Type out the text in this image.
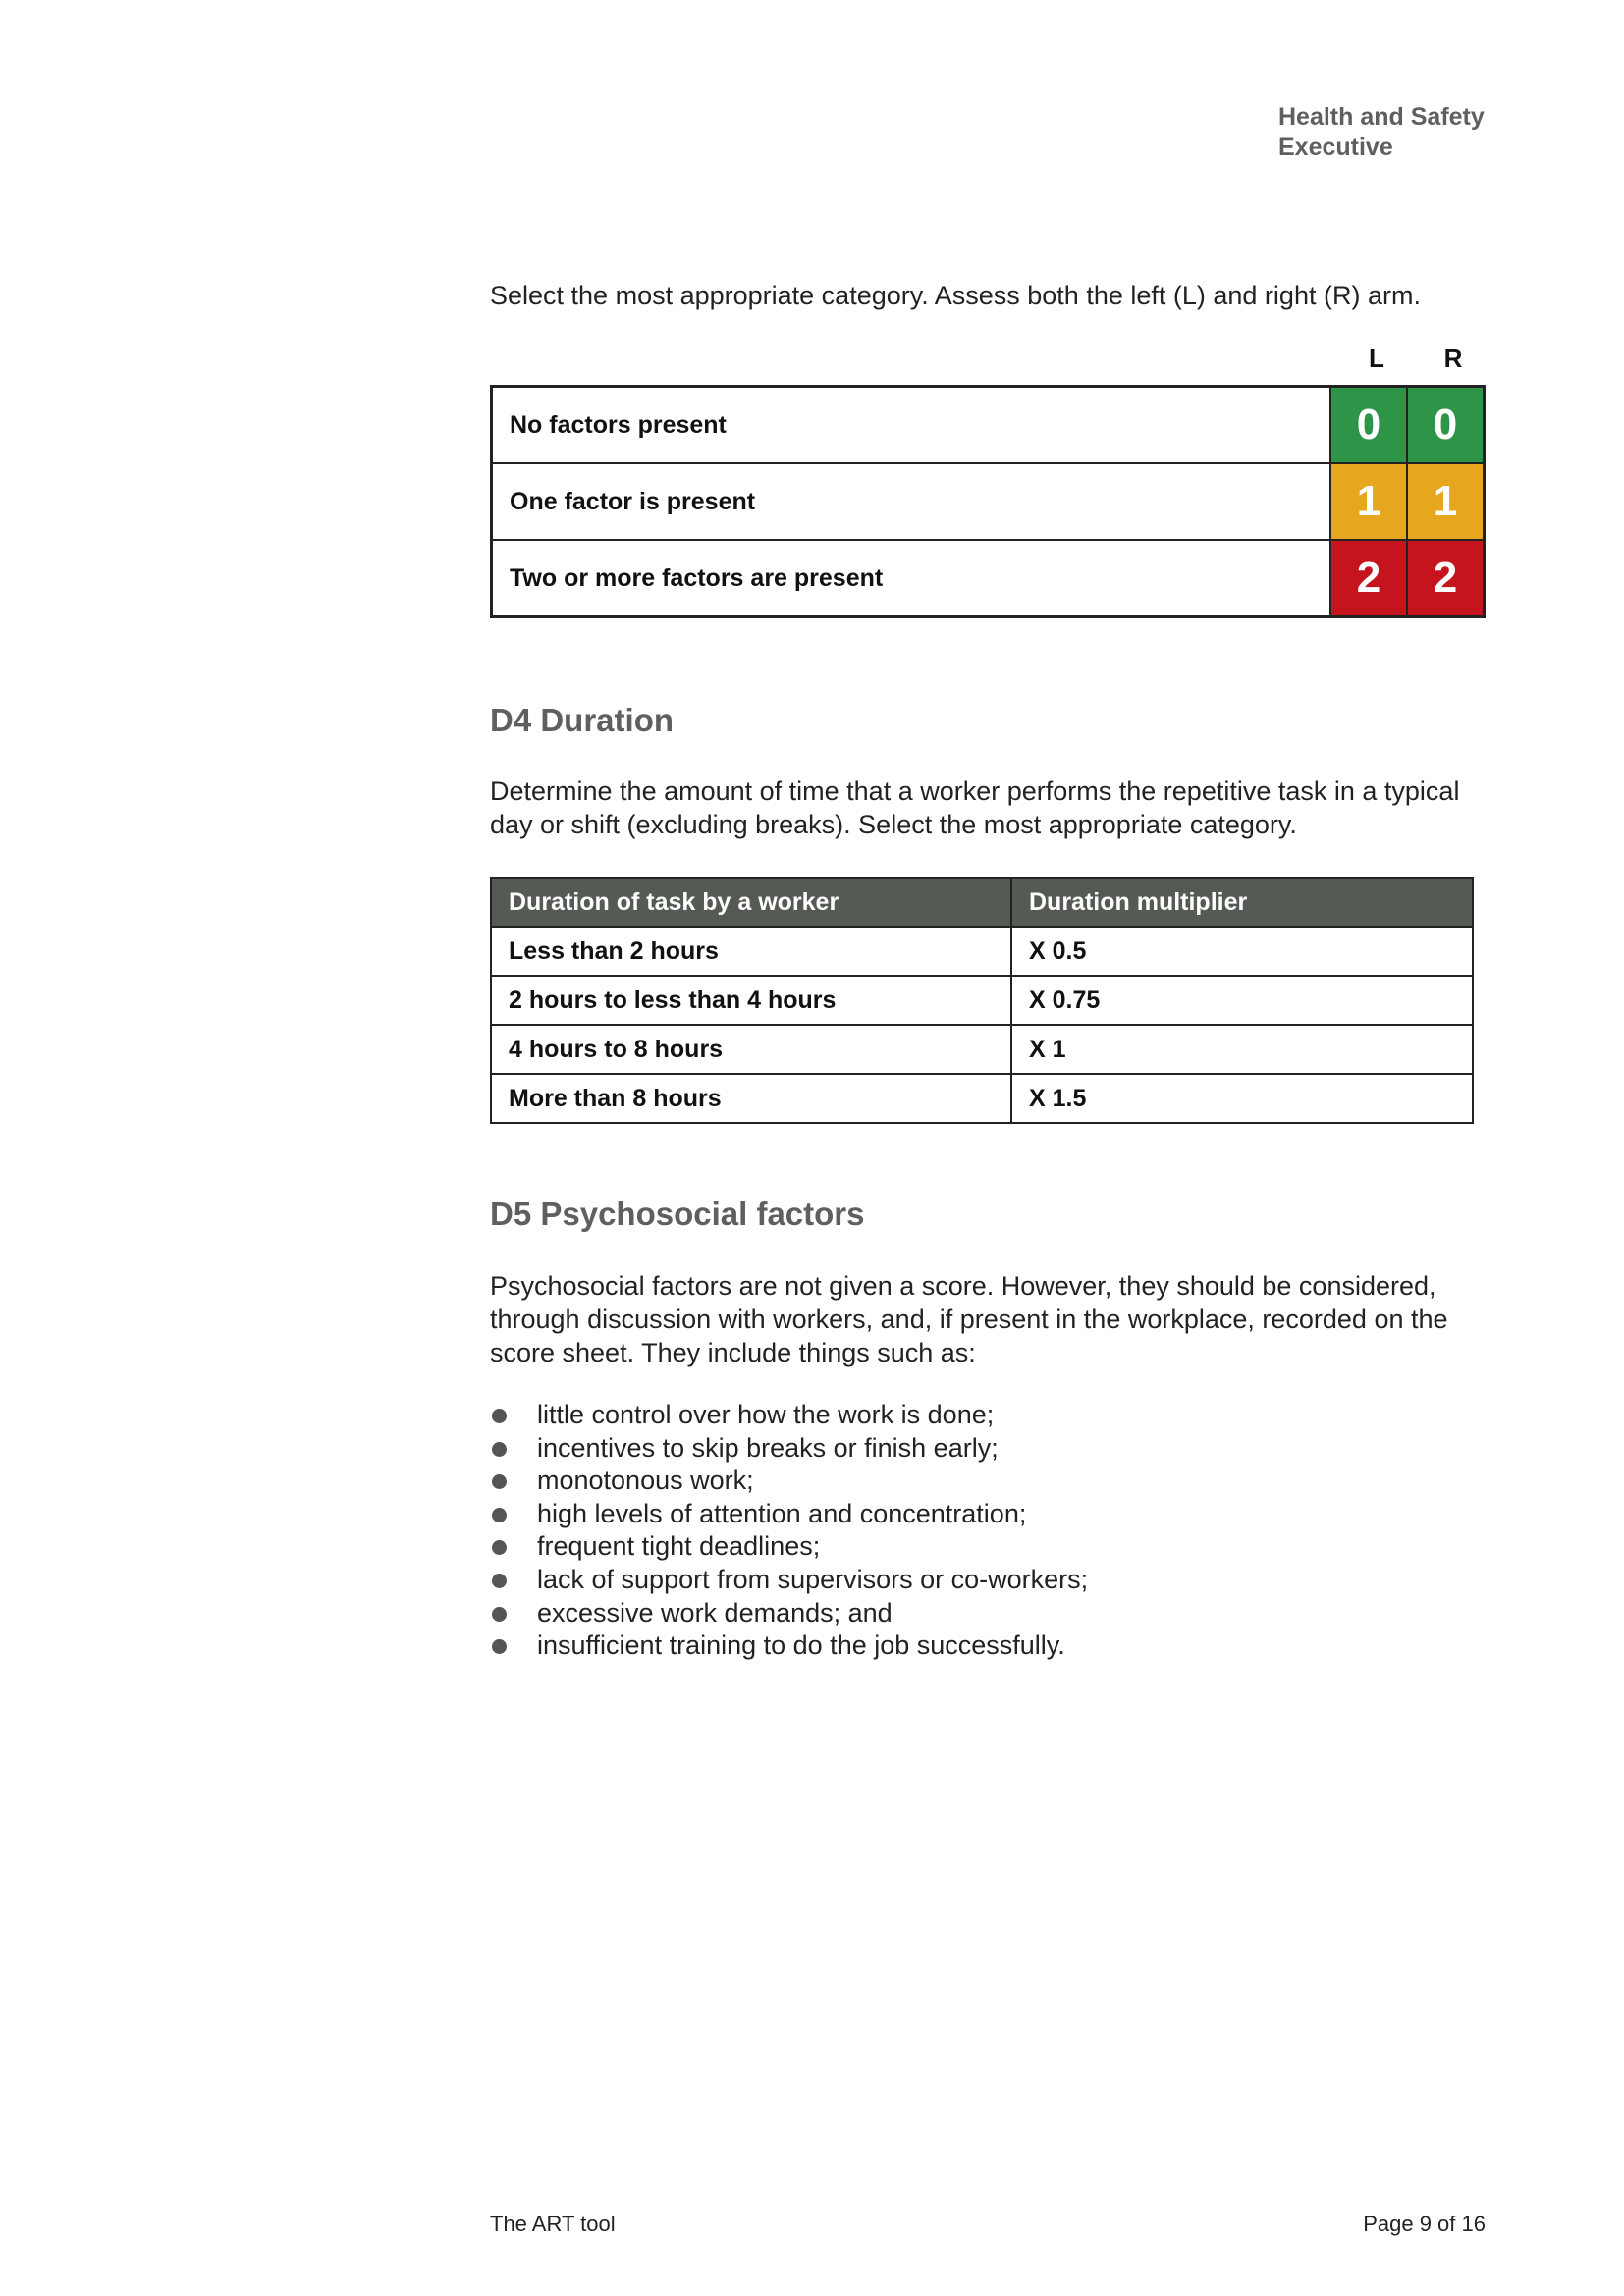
Health and Safety
Executive
Select the most appropriate category. Assess both the left (L) and right (R) arm.
L	R
No factors present	0	0
One factor is present	1	1
Two or more factors are present	2	2
D4 Duration
Determine the amount of time that a worker performs the repetitive task in a typical day or shift (excluding breaks). Select the most appropriate category.
Duration of task by a worker	Duration multiplier
Less than 2 hours	X 0.5
2 hours to less than 4 hours	X 0.75
4 hours to 8 hours	X 1
More than 8 hours	X 1.5
D5 Psychosocial factors
Psychosocial factors are not given a score. However, they should be considered, through discussion with workers, and, if present in the workplace, recorded on the score sheet. They include things such as:
little control over how the work is done;
incentives to skip breaks or finish early;
monotonous work;
high levels of attention and concentration;
frequent tight deadlines;
lack of support from supervisors or co-workers;
excessive work demands; and
insufficient training to do the job successfully.
The ART tool	Page 9 of 16
